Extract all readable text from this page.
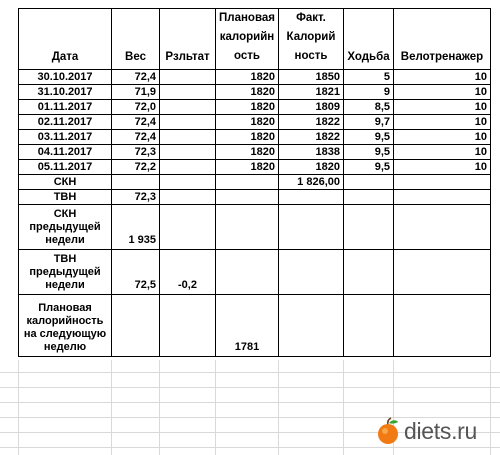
Дата	Вес	Рзльтат	Плановая калорийн ость	Факт. Калорий ность	Ходьба	Велотренажер
30.10.2017	72,4		1820	1850	5	10
31.10.2017	71,9		1820	1821	9	10
01.11.2017	72,0		1820	1809	8,5	10
02.11.2017	72,4		1820	1822	9,7	10
03.11.2017	72,4		1820	1822	9,5	10
04.11.2017	72,3		1820	1838	9,5	10
05.11.2017	72,2		1820	1820	9,5	10
СКН				1 826,00		
ТВН	72,3					
СКН предыдущей недели	1 935					
ТВН предыдущей недели	72,5	-0,2				
Плановая калорийность на следующую неделю			1781			
diets.ru
